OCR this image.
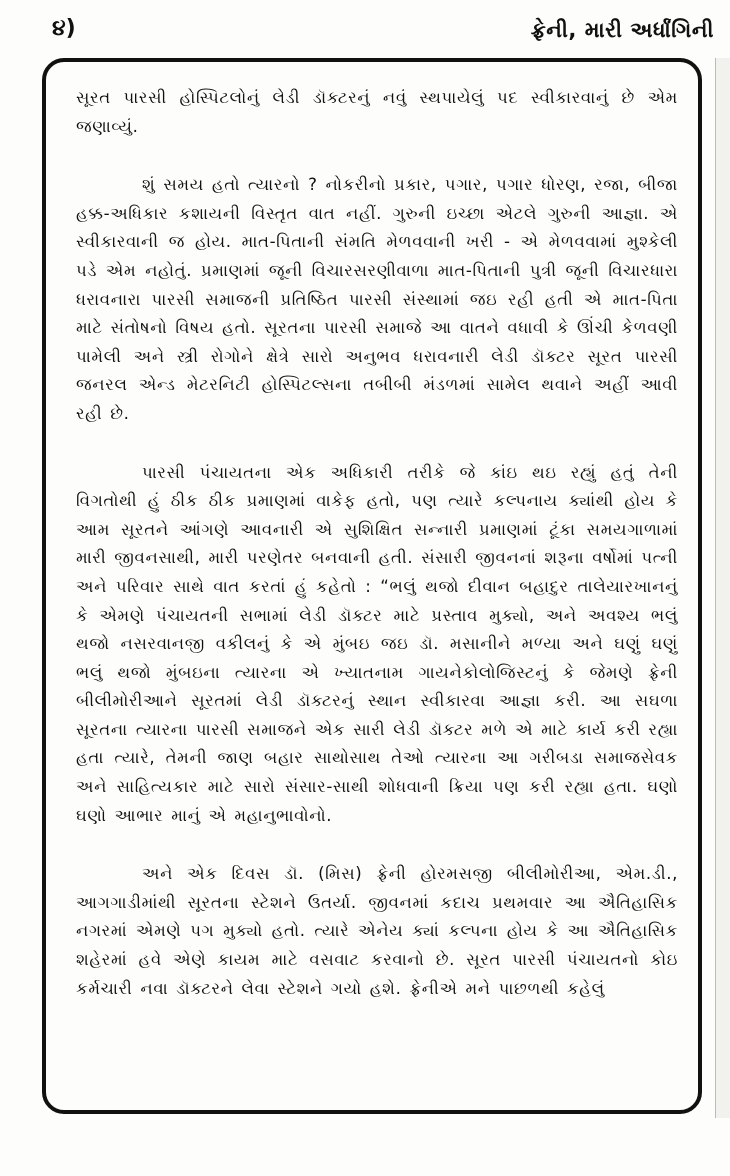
૪)	ફ્રેની, મારી અર્ધાંગિની

સૂરત પારસી હોસ્પિટલોનું લેડી ડૉક્ટરનું નવું સ્થપાયેલું પદ સ્વીકારવાનું છે એમ જણાવ્યું.

શું સમય હતો ત્યારનો ? નોકરીનો પ્રકાર, પગાર, પગાર ધોરણ, રજા, બીજા હક્ક-અધિકાર કશાયની વિસ્તૃત વાત નહીં. ગુરુની ઇચ્છા એટલે ગુરુની આજ્ઞા. એ સ્વીકારવાની જ હોય. માત-પિતાની સંમતિ મેળવવાની ખરી - એ મેળવવામાં મુશ્કેલી પડે એમ નહોતું. પ્રમાણમાં જૂની વિચારસરણીવાળા માત-પિતાની પુત્રી જૂની વિચારધારા ધરાવનારા પારસી સમાજની પ્રતિષ્ઠિત પારસી સંસ્થામાં જઇ રહી હતી એ માત-પિતા માટે સંતોષનો વિષય હતો. સૂરતના પારસી સમાજે આ વાતને વધાવી કે ઊંચી કેળવણી પામેલી અને સ્ત્રી રોગોને ક્ષેત્રે સારો અનુભવ ધરાવનારી લેડી ડૉક્ટર સૂરત પારસી જનરલ એન્ડ મેટરનિટી હોસ્પિટલ્સના તબીબી મંડળમાં સામેલ થવાને અહીં આવી રહી છે.

પારસી પંચાયતના એક અધિકારી તરીકે જે કાંઇ થઇ રહ્યું હતું તેની વિગતોથી હું ઠીક ઠીક પ્રમાણમાં વાકેફ હતો, પણ ત્યારે કલ્પનાય ક્યાંથી હોય કે આમ સૂરતને આંગણે આવનારી એ સુશિક્ષિત સન્નારી પ્રમાણમાં ટૂંકા સમયગાળામાં મારી જીવનસાથી, મારી પરણેતર બનવાની હતી. સંસારી જીવનનાં શરૂના વર્ષોમાં પત્ની અને પરિવાર સાથે વાત કરતાં હું કહેતો : “ભલું થજો દીવાન બહાદુર તાલેયારખાનનું કે એમણે પંચાયતની સભામાં લેડી ડૉક્ટર માટે પ્રસ્તાવ મુક્યો, અને અવશ્ય ભલું થજો નસરવાનજી વકીલનું કે એ મુંબઇ જઇ ડૉ. મસાનીને મળ્યા અને ઘણું ઘણું ભલું થજો મુંબઇના ત્યારના એ ખ્યાતનામ ગાયનેકોલોજિસ્ટનું કે જેમણે ફ્રેની બીલીમોરીઆને સૂરતમાં લેડી ડૉક્ટરનું સ્થાન સ્વીકારવા આજ્ઞા કરી. આ સઘળા સૂરતના ત્યારના પારસી સમાજને એક સારી લેડી ડૉક્ટર મળે એ માટે કાર્ય કરી રહ્યા હતા ત્યારે, તેમની જાણ બહાર સાથોસાથ તેઓ ત્યારના આ ગરીબડા સમાજસેવક અને સાહિત્યકાર માટે સારો સંસાર-સાથી શોધવાની ક્રિયા પણ કરી રહ્યા હતા. ઘણો ઘણો આભાર માનું એ મહાનુભાવોનો.

અને એક દિવસ ડૉ. (મિસ) ફ્રેની હોરમસજી બીલીમોરીઆ, એમ.ડી., આગગાડીમાંથી સૂરતના સ્ટેશને ઉતર્યા. જીવનમાં કદાચ પ્રથમવાર આ ઐતિહાસિક નગરમાં એમણે પગ મુક્યો હતો. ત્યારે એનેય ક્યાં કલ્પના હોય કે આ ઐતિહાસિક શહેરમાં હવે એણે કાયમ માટે વસવાટ કરવાનો છે. સૂરત પારસી પંચાયતનો કોઇ કર્મચારી નવા ડૉક્ટરને લેવા સ્ટેશને ગયો હશે. ફ્રેનીએ મને પાછળથી કહેલું
